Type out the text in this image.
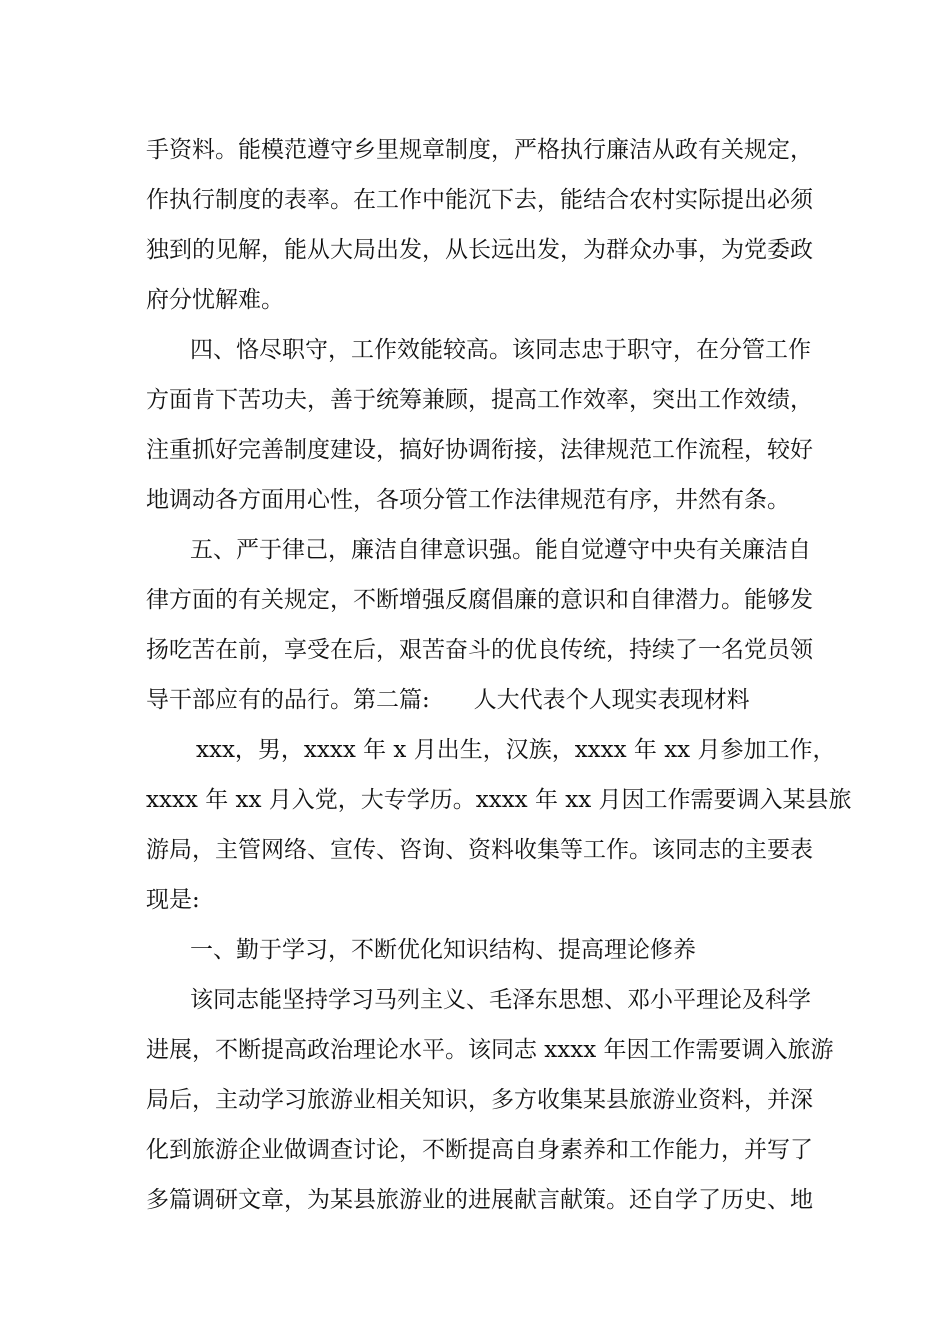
手资料。能模范遵守乡里规章制度，严格执行廉洁从政有关规定，

作执行制度的表率。在工作中能沉下去，能结合农村实际提出必须

独到的见解，能从大局出发，从长远出发，为群众办事，为党委政

府分忧解难。

四、恪尽职守，工作效能较高。该同志忠于职守，在分管工作

方面肯下苦功夫，善于统筹兼顾，提高工作效率，突出工作效绩，

注重抓好完善制度建设，搞好协调衔接，法律规范工作流程，较好

地调动各方面用心性，各项分管工作法律规范有序，井然有条。

五、严于律己，廉洁自律意识强。能自觉遵守中央有关廉洁自

律方面的有关规定，不断增强反腐倡廉的意识和自律潜力。能够发

扬吃苦在前，享受在后，艰苦奋斗的优良传统，持续了一名党员领

导干部应有的品行。第二篇:      人大代表个人现实表现材料

xxx，男，xxxx 年 x 月出生，汉族，xxxx 年 xx 月参加工作，

xxxx 年 xx 月入党，大专学历。xxxx 年 xx 月因工作需要调入某县旅

游局，主管网络、宣传、咨询、资料收集等工作。该同志的主要表

现是:

一、勤于学习，不断优化知识结构、提高理论修养

该同志能坚持学习马列主义、毛泽东思想、邓小平理论及科学

进展，不断提高政治理论水平。该同志 xxxx 年因工作需要调入旅游

局后，主动学习旅游业相关知识，多方收集某县旅游业资料，并深

化到旅游企业做调查讨论，不断提高自身素养和工作能力，并写了

多篇调研文章，为某县旅游业的进展献言献策。还自学了历史、地
